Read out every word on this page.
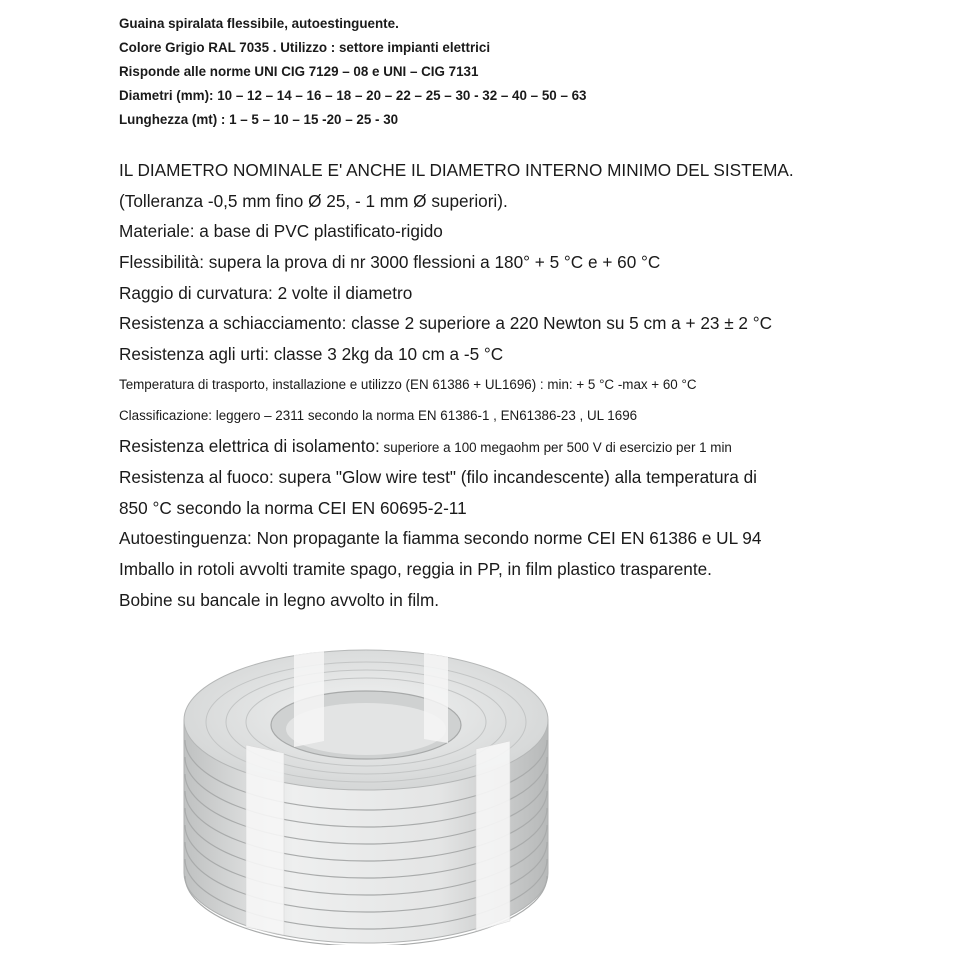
Guaina spiralata flessibile, autoestinguente.
Colore Grigio RAL 7035 . Utilizzo : settore impianti elettrici
Risponde alle norme UNI CIG 7129 – 08 e UNI – CIG 7131
Diametri (mm): 10 – 12 – 14 – 16 – 18 – 20 – 22 – 25 – 30 - 32 – 40 – 50 – 63
Lunghezza (mt) : 1 – 5 – 10 – 15 -20 – 25 - 30
IL DIAMETRO NOMINALE E' ANCHE IL DIAMETRO INTERNO MINIMO DEL SISTEMA.
(Tolleranza -0,5 mm fino Ø 25, - 1 mm Ø superiori).
Materiale: a base di PVC plastificato-rigido
Flessibilità: supera la prova di nr 3000 flessioni a 180° + 5 °C e + 60 °C
Raggio di curvatura: 2 volte il diametro
Resistenza a schiacciamento: classe 2 superiore a 220 Newton su 5 cm a + 23 ± 2 °C
Resistenza agli urti: classe 3 2kg da 10 cm a -5 °C
Temperatura di trasporto, installazione e utilizzo (EN 61386 + UL1696) : min: + 5 °C -max + 60 °C
Classificazione: leggero – 2311 secondo la norma EN 61386-1 , EN61386-23 , UL 1696
Resistenza elettrica di isolamento: superiore a 100 megaohm per 500 V di esercizio per 1 min
Resistenza al fuoco: supera "Glow wire test" (filo incandescente) alla temperatura di
850 °C secondo la norma CEI EN 60695-2-11
Autoestinguenza: Non propagante la fiamma secondo norme CEI EN 61386 e UL 94
Imballo in rotoli avvolti tramite spago, reggia in PP, in film plastico trasparente.
Bobine su bancale in legno avvolto in film.
